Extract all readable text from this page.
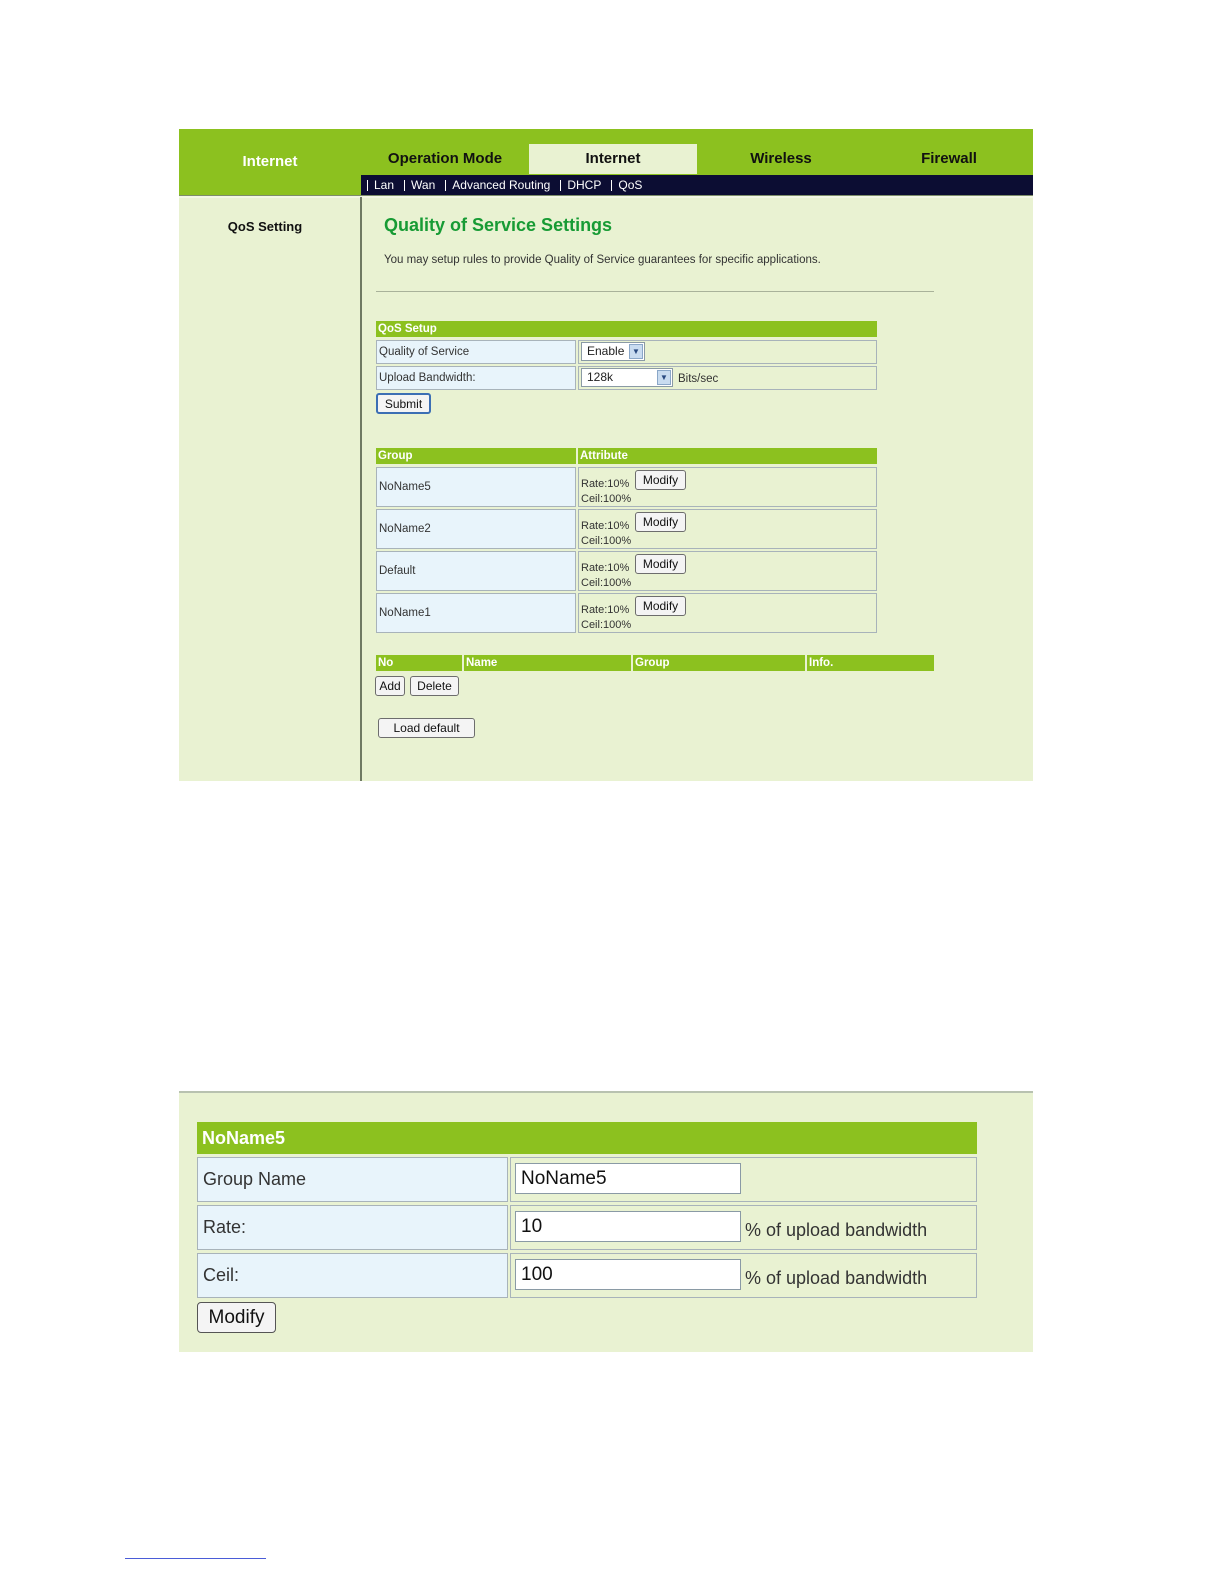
Internet	Operation Mode	Internet	Wireless	Firewall
Lan	Wan	Advanced Routing	DHCP	QoS
QoS Setting	Quality of Service Settings
You may setup rules to provide Quality of Service guarantees for specific applications.
QoS Setup
Quality of Service	Enable ▼
Upload Bandwidth:	128k	▼ Bits/sec
Submit
Group	Attribute
NoName5	Rate:10%
Ceil:100%
Modify
NoName2	Rate:10%
Ceil:100%
Modify
Default	Rate:10%
Ceil:100%
Modify
NoName1	Rate:10%
Ceil:100%
Modify
No	Name	Group	Info.
Add	Delete
Load default
NoName5
Group Name	NoName5
Rate:	10	% of upload bandwidth
Ceil:	100	% of upload bandwidth
Modify
